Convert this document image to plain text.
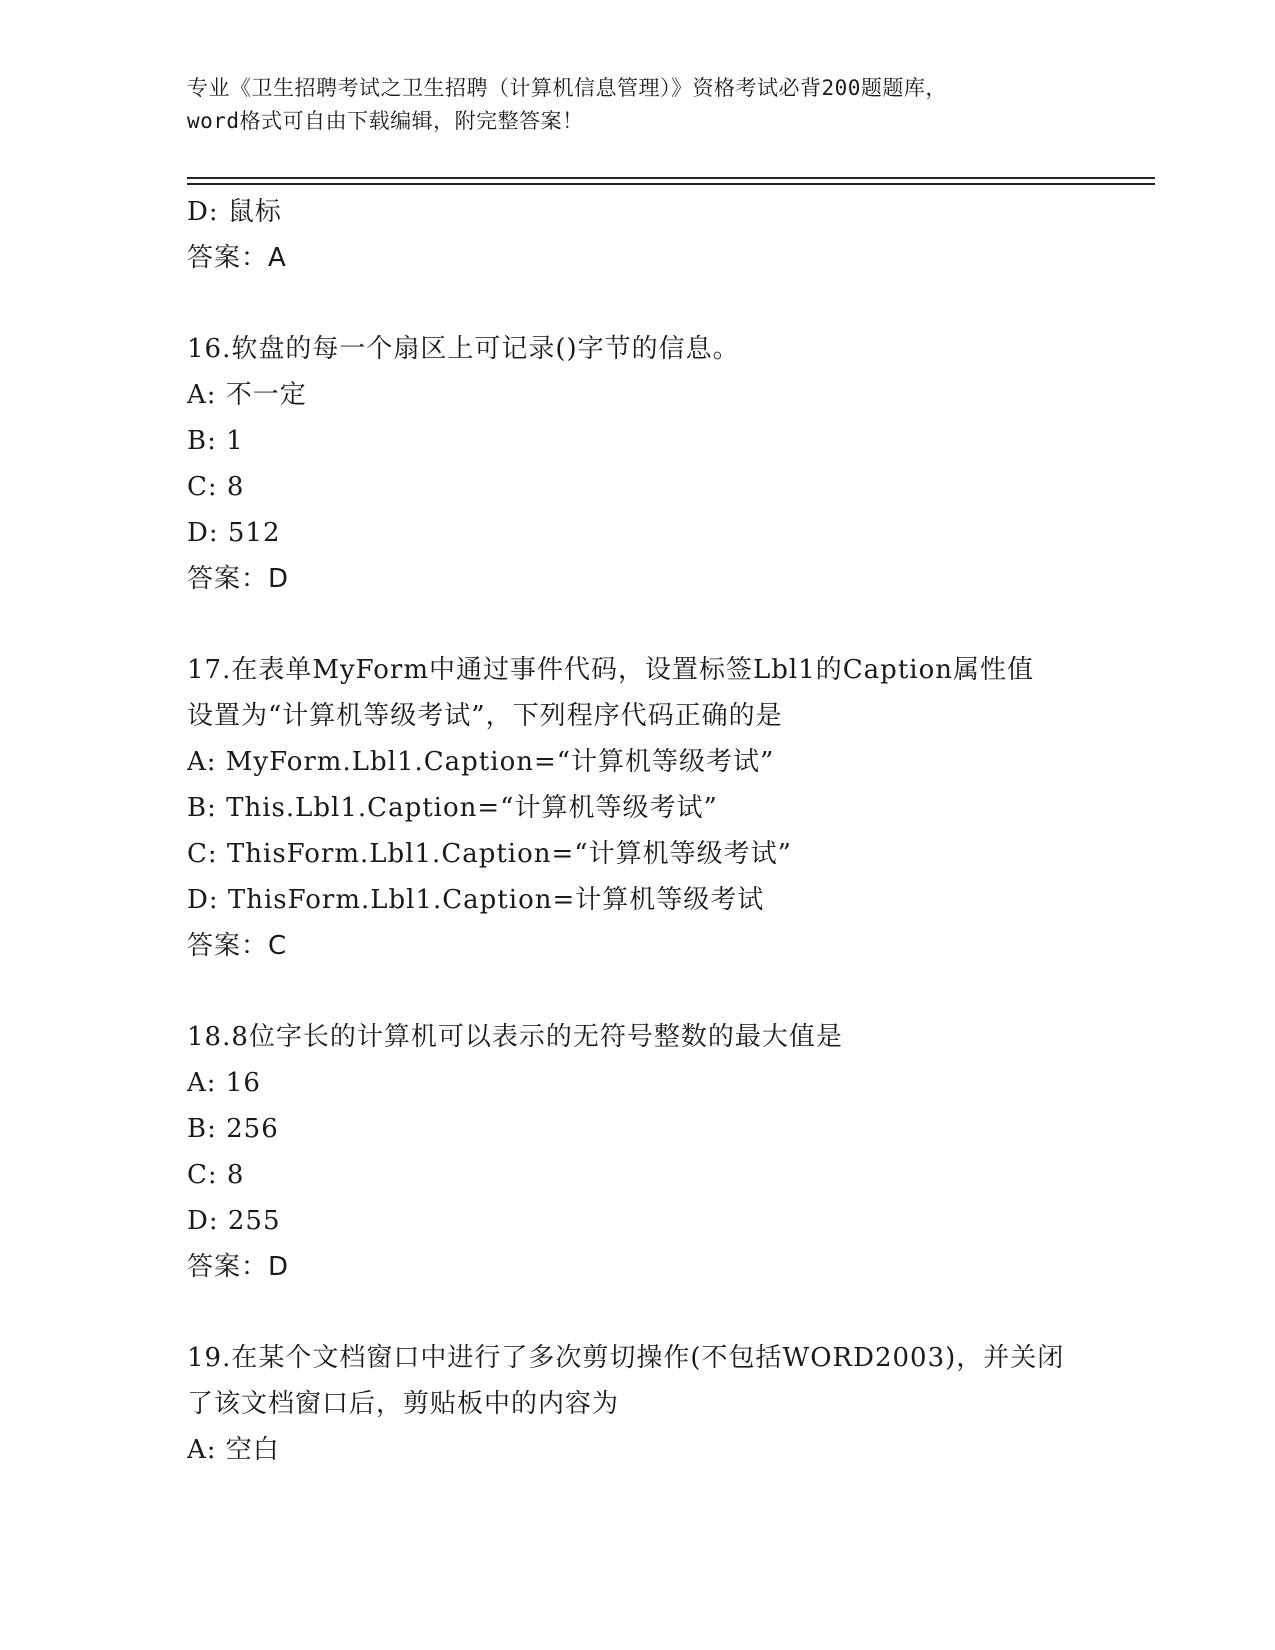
专业《卫生招聘考试之卫生招聘（计算机信息管理）》资格考试必背200题题库，
word格式可自由下载编辑，附完整答案！
D: 鼠标
答案：A
16.软盘的每一个扇区上可记录()字节的信息。
A: 不一定
B: 1
C: 8
D: 512
答案：D
17.在表单MyForm中通过事件代码，设置标签Lbl1的Caption属性值
设置为“计算机等级考试”，下列程序代码正确的是
A: MyForm.Lbl1.Caption=“计算机等级考试”
B: This.Lbl1.Caption=“计算机等级考试”
C: ThisForm.Lbl1.Caption=“计算机等级考试”
D: ThisForm.Lbl1.Caption=计算机等级考试
答案：C
18.8位字长的计算机可以表示的无符号整数的最大值是
A: 16
B: 256
C: 8
D: 255
答案：D
19.在某个文档窗口中进行了多次剪切操作(不包括WORD2003)，并关闭
了该文档窗口后，剪贴板中的内容为
A: 空白
